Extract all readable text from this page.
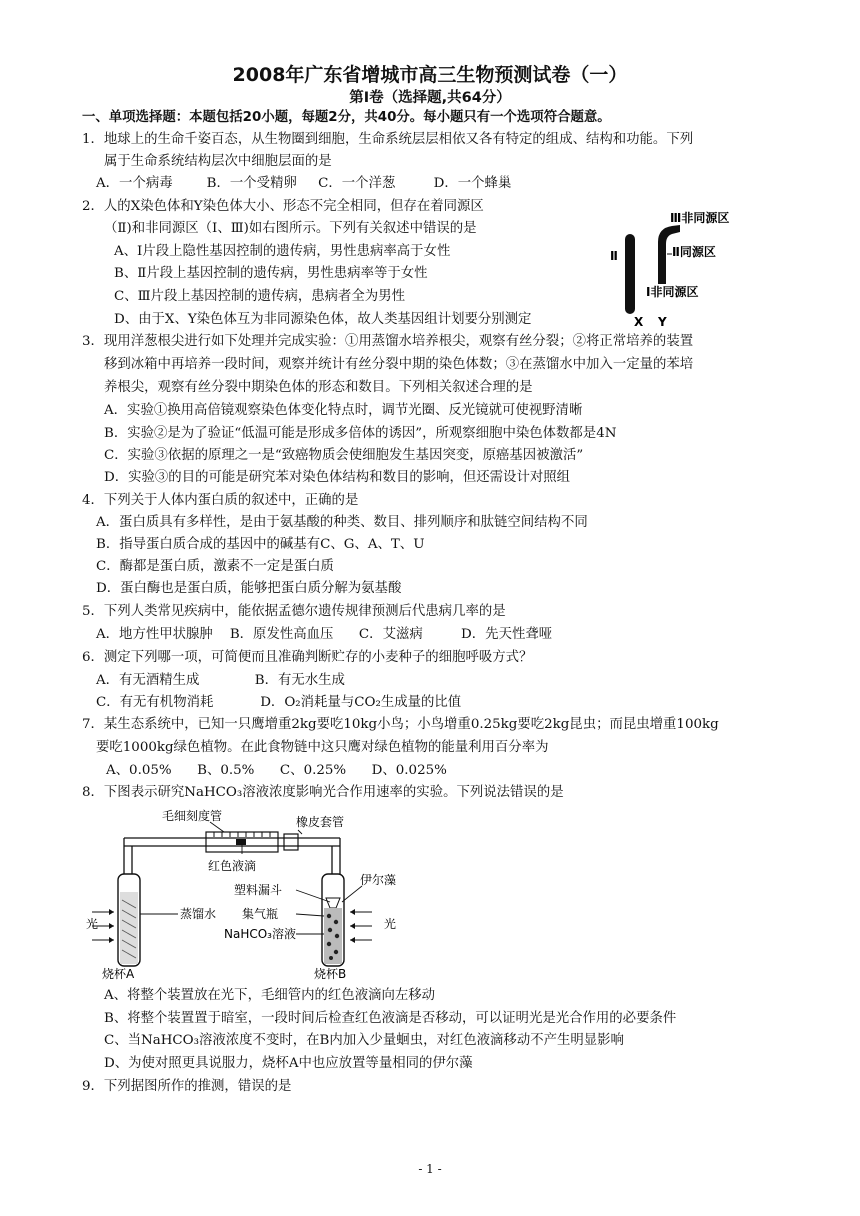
2008年广东省增城市高三生物预测试卷（一）
第Ⅰ卷（选择题,共64分）
一、单项选择题：本题包括20小题，每题2分，共40分。每小题只有一个选项符合题意。
1．地球上的生命千姿百态，从生物圈到细胞，生命系统层层相依又各有特定的组成、结构和功能。下列
属于生命系统结构层次中细胞层面的是
A．一个病毒        B．一个受精卵     C．一个洋葱         D．一个蜂巢
2．人的X染色体和Y染色体大小、形态不完全相同，但存在着同源区
（Ⅱ)和非同源区（Ⅰ、Ⅲ)如右图所示。下列有关叙述中错误的是
A、Ⅰ片段上隐性基因控制的遗传病，男性患病率高于女性
B、Ⅱ片段上基因控制的遗传病，男性患病率等于女性
C、Ⅲ片段上基因控制的遗传病，患病者全为男性
D、由于X、Y染色体互为非同源染色体，故人类基因组计划要分别测定
Ⅲ非同源区
Ⅱ同源区
Ⅰ非同源区
Ⅱ
X Y
3．现用洋葱根尖进行如下处理并完成实验：①用蒸馏水培养根尖，观察有丝分裂；②将正常培养的装置
移到冰箱中再培养一段时间，观察并统计有丝分裂中期的染色体数；③在蒸馏水中加入一定量的苯培
养根尖，观察有丝分裂中期染色体的形态和数目。下列相关叙述合理的是
A．实验①换用高倍镜观察染色体变化特点时，调节光圈、反光镜就可使视野清晰
B．实验②是为了验证“低温可能是形成多倍体的诱因”，所观察细胞中染色体数都是4N
C．实验③依据的原理之一是“致癌物质会使细胞发生基因突变，原癌基因被激活”
D．实验③的目的可能是研究苯对染色体结构和数目的影响，但还需设计对照组
4．下列关于人体内蛋白质的叙述中，正确的是
A．蛋白质具有多样性，是由于氨基酸的种类、数目、排列顺序和肽链空间结构不同
B．指导蛋白质合成的基因中的碱基有C、G、A、T、U
C．酶都是蛋白质，激素不一定是蛋白质
D．蛋白酶也是蛋白质，能够把蛋白质分解为氨基酸
5．下列人类常见疾病中，能依据孟德尔遗传规律预测后代患病几率的是
A．地方性甲状腺肿    B．原发性高血压      C．艾滋病         D．先天性聋哑
6．测定下列哪一项，可简便而且准确判断贮存的小麦种子的细胞呼吸方式？
A．有无酒精生成             B．有无水生成
C．有无有机物消耗           D．O₂消耗量与CO₂生成量的比值
7．某生态系统中，已知一只鹰增重2kg要吃10kg小鸟；小鸟增重0.25kg要吃2kg昆虫；而昆虫增重100kg
要吃1000kg绿色植物。在此食物链中这只鹰对绿色植物的能量利用百分率为
A、0.05%      B、0.5%      C、0.25%      D、0.025%
8．下图表示研究NaHCO₃溶液浓度影响光合作用速率的实验。下列说法错误的是
毛细刻度管	橡皮套管
红色液滴
塑料漏斗
伊尔藻
蒸馏水 集气瓶
NaHCO₃溶液
光	光
烧杯A	烧杯B
A、将整个装置放在光下，毛细管内的红色液滴向左移动
B、将整个装置置于暗室，一段时间后检查红色液滴是否移动，可以证明光是光合作用的必要条件
C、当NaHCO₃溶液浓度不变时，在B内加入少量蛔虫，对红色液滴移动不产生明显影响
D、为使对照更具说服力，烧杯A中也应放置等量相同的伊尔藻
9．下列据图所作的推测，错误的是
- 1 -
